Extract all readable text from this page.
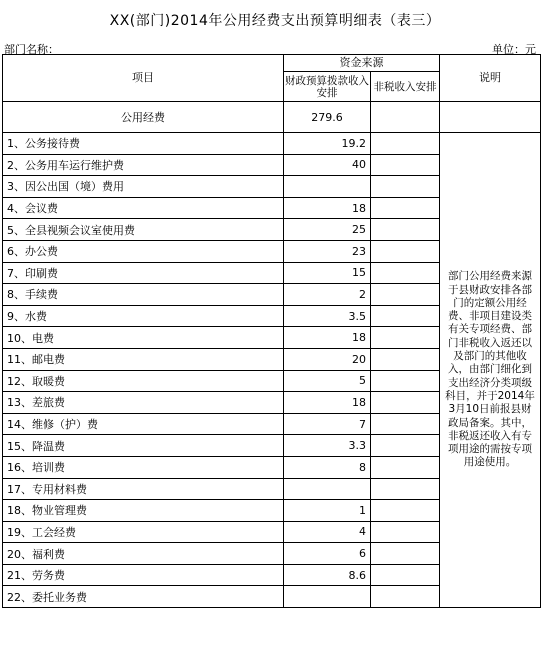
XX(部门)2014年公用经费支出预算明细表（表三）
部门名称：	单位：元
项目	资金来源		说明
	财政预算拨款收入安排	非税收入安排	
公用经费	279.6		
1、公务接待费	19.2		部门公用经费来源于县财政安排各部门的定额公用经费、非项目建设类有关专项经费、部门非税收入返还以及部门的其他收入，由部门细化到支出经济分类项级科目，并于2014年3月10日前报县财政局备案。其中，非税返还收入有专项用途的需按专项用途使用。
2、公务用车运行维护费	40		
3、因公出国（境）费用			
4、会议费	18		
5、全县视频会议室使用费	25		
6、办公费	23		
7、印刷费	15		
8、手续费	2		
9、水费	3.5		
10、电费	18		
11、邮电费	20		
12、取暖费	5		
13、差旅费	18		
14、维修（护）费	7		
15、降温费	3.3		
16、培训费	8		
17、专用材料费			
18、物业管理费	1		
19、工会经费	4		
20、福利费	6		
21、劳务费	8.6		
22、委托业务费			
